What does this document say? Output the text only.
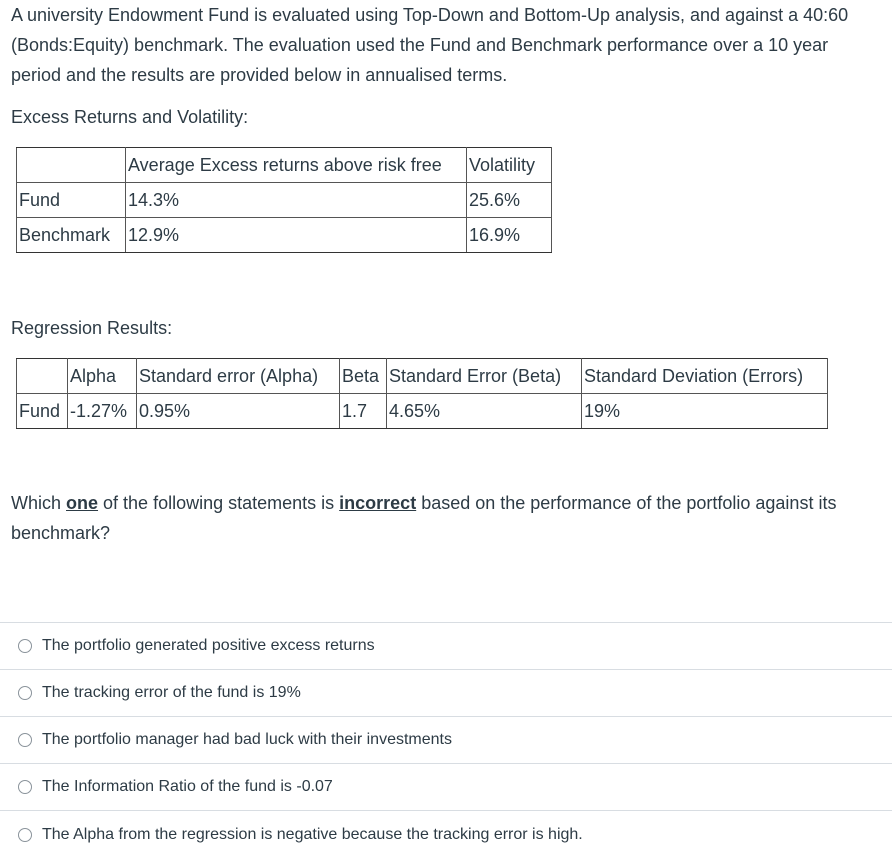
A university Endowment Fund is evaluated using Top-Down and Bottom-Up analysis, and against a 40:60 (Bonds:Equity) benchmark. The evaluation used the Fund and Benchmark performance over a 10 year period and the results are provided below in annualised terms.

Excess Returns and Volatility:

	Average Excess returns above risk free	Volatility
Fund	14.3%	25.6%
Benchmark	12.9%	16.9%

Regression Results:

	Alpha	Standard error (Alpha)	Beta	Standard Error (Beta)	Standard Deviation (Errors)
Fund	-1.27%	0.95%	1.7	4.65%	19%

Which one of the following statements is incorrect based on the performance of the portfolio against its benchmark?

The portfolio generated positive excess returns
The tracking error of the fund is 19%
The portfolio manager had bad luck with their investments
The Information Ratio of the fund is -0.07
The Alpha from the regression is negative because the tracking error is high.
